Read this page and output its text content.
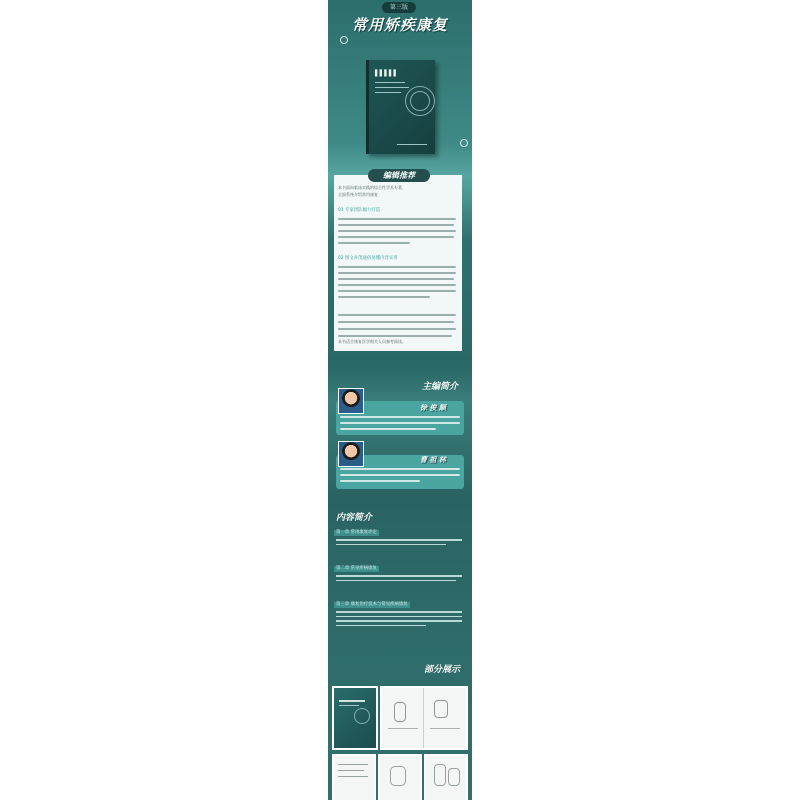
第三版
常用矫疾康复
▌▌▌▌▌
编辑推荐
本书面向临床实践的综合性学术专著，
全面系统介绍常用康复
01 专家团队倾力打造
02 图文并茂通俗易懂内容实用
本书适合康复医学相关人员参考阅读。
主编简介
徐 俊 顺
曹 祖 林
内容简介
第一章 常用康复评定
第二章 常见疾病康复
第三章 康复治疗技术与常见疾病康复
部分展示
